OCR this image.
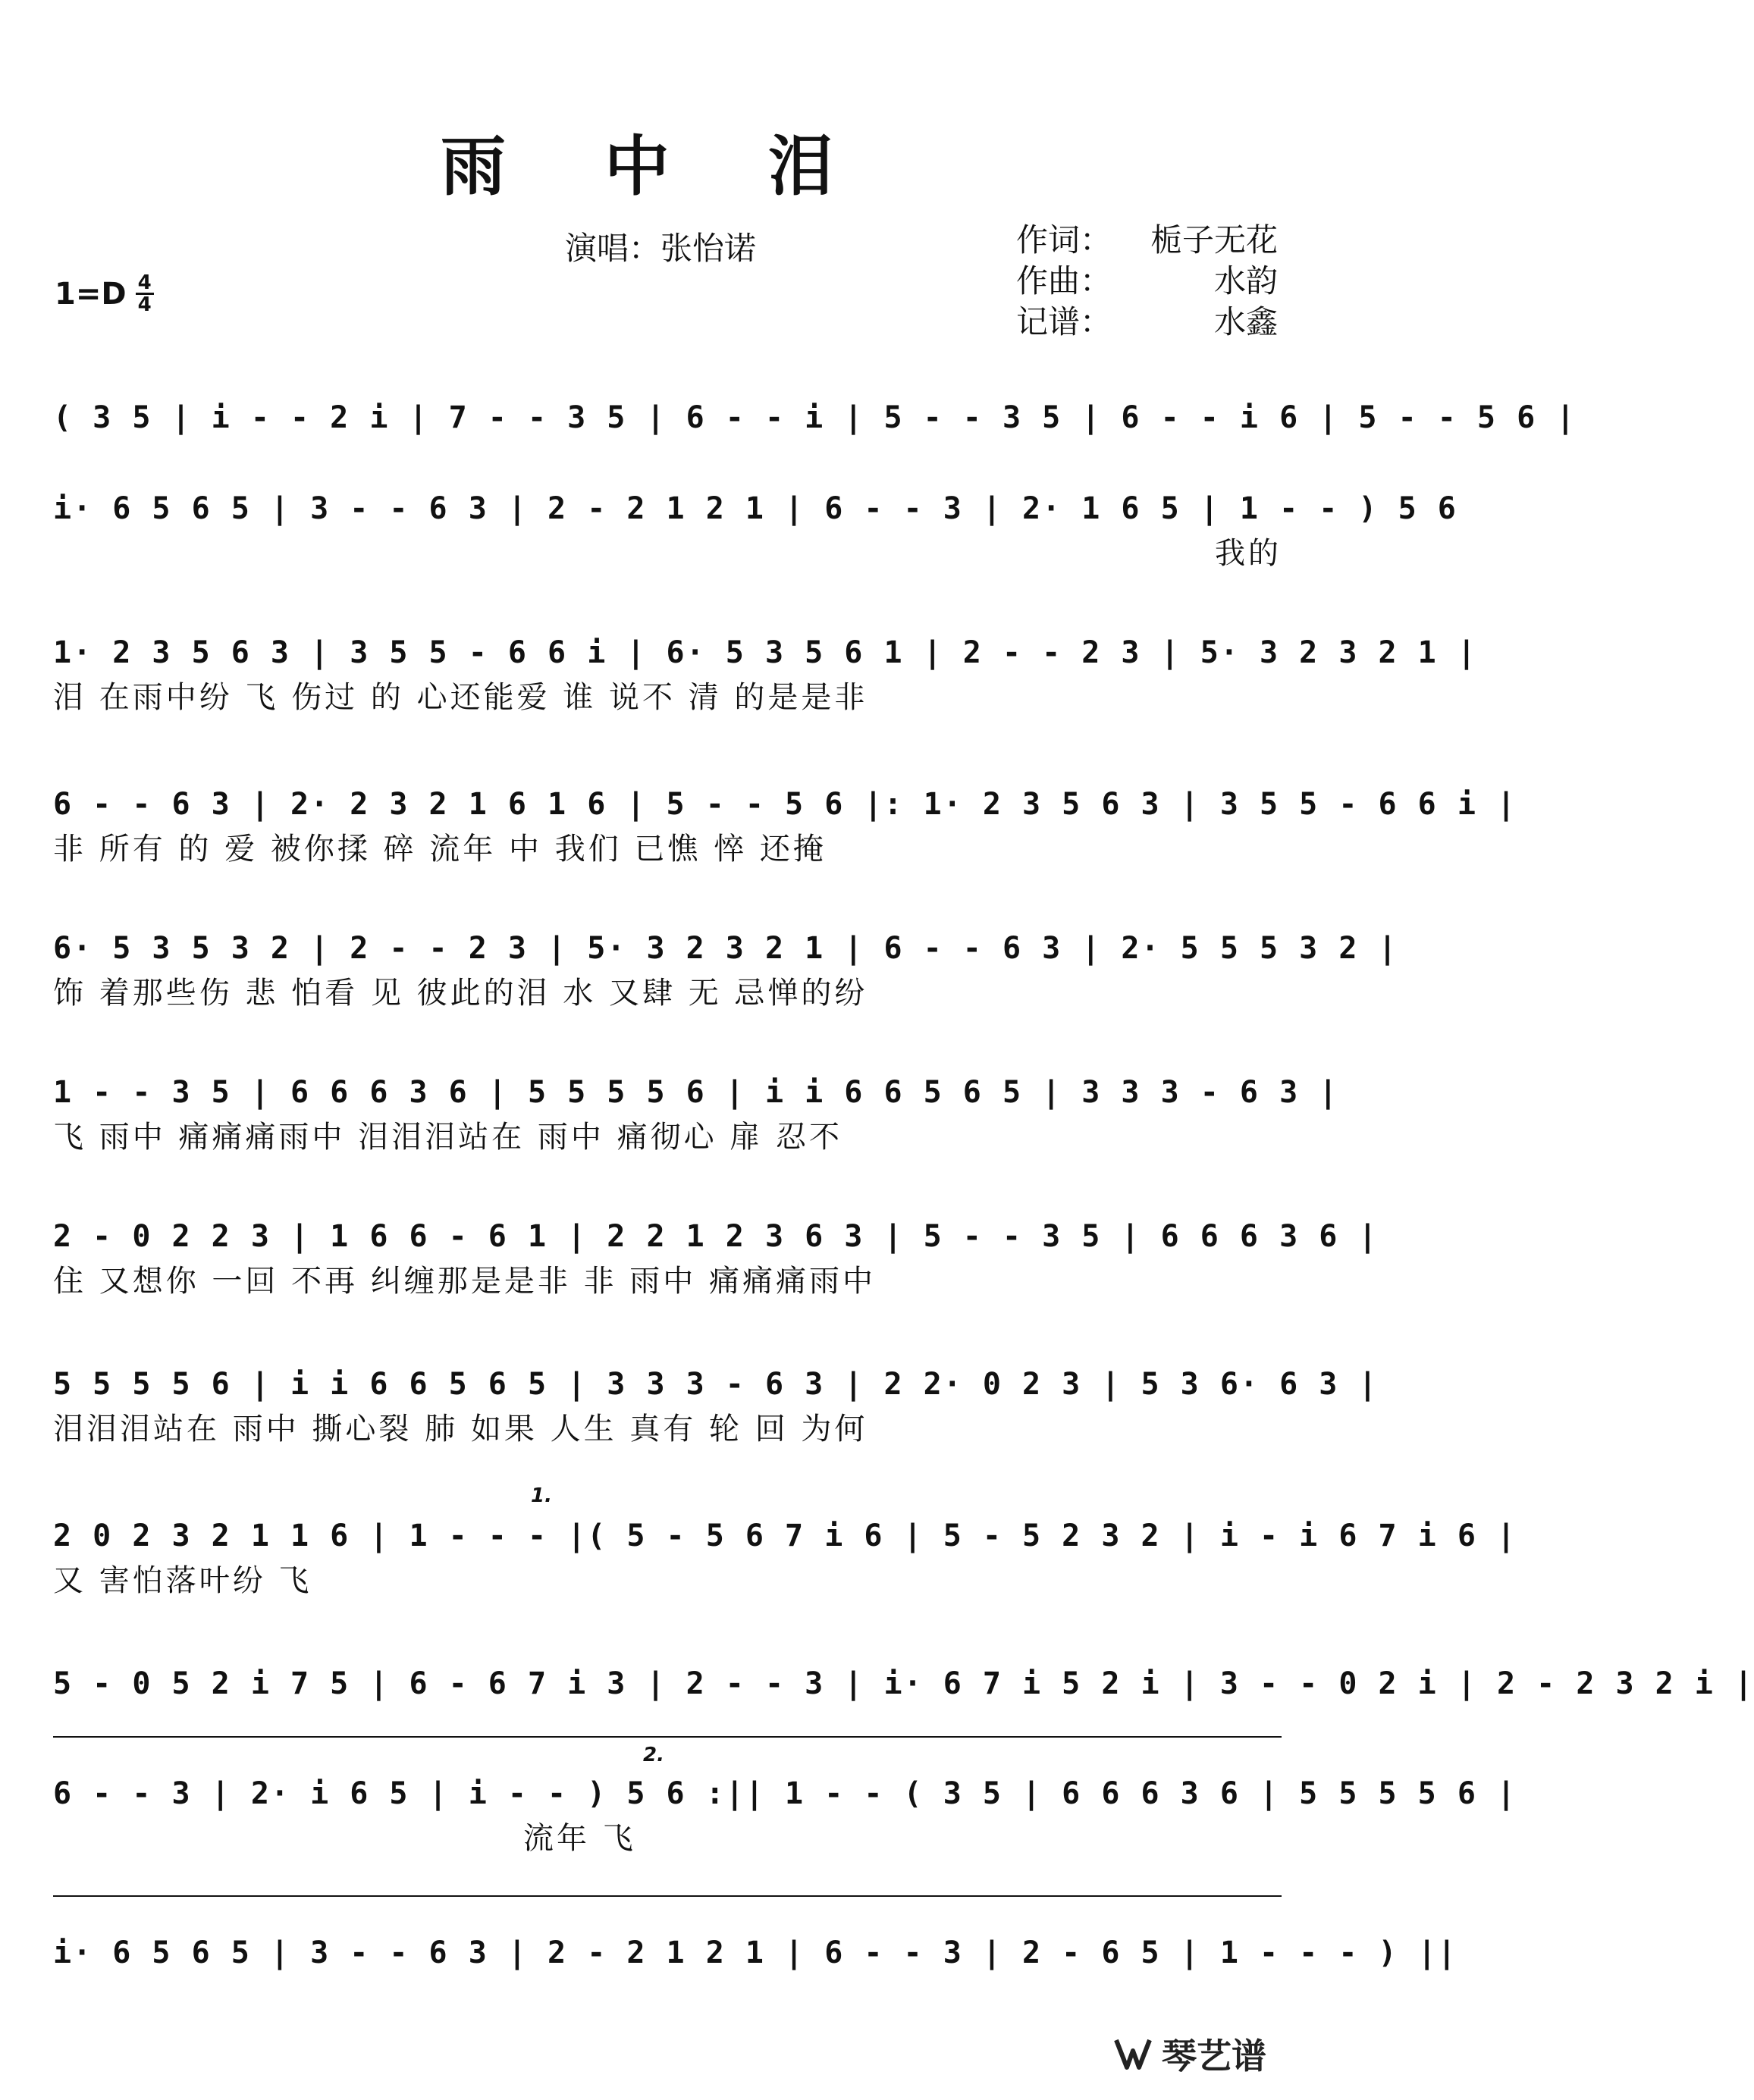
雨 中 泪
演唱：张怡诺	作词： 栀子无花
作曲：	水韵
记谱：	水鑫
$1=D \frac{4}{4}$
( 3 5 | i - - 2 i | 7 - - 3 5 | 6 - - i | 5 - - 3 5 | 6 - - i 6 | 5 - - 5 6 |
i· 6 5 6 5 | 3 - - 6 3 | 2 - 2 1 2 1 | 6 - - 3 | 2· 1 6 5 | 1 - - ) 5 6
我的
1· 2 3 5 6 3 | 3 5 5 - 6 6 i | 6· 5 3 5 6 1 | 2 - - 2 3 | 5· 3 2 3 2 1 |
泪 在雨中纷 飞 伤过 的 心还能爱 谁 说不 清 的是是非
6 - - 6 3 | 2· 2 3 2 1 6 1 6 | 5 - - 5 6 |: 1· 2 3 5 6 3 | 3 5 5 - 6 6 i |
非 所有 的 爱 被你揉 碎 流年 中 我们 已憔 悴 还掩
6· 5 3 5 3 2 | 2 - - 2 3 | 5· 3 2 3 2 1 | 6 - - 6 3 | 2· 5 5 5 3 2 |
饰 着那些伤 悲 怕看 见 彼此的泪 水 又肆 无 忌惮的纷
1 - - 3 5 | 6 6 6 3 6 | 5 5 5 5 6 | i i 6 6 5 6 5 | 3 3 3 - 6 3 |
飞 雨中 痛痛痛雨中 泪泪泪站在 雨中 痛彻心 扉 忍不
2 - 0 2 2 3 | 1 6 6 - 6 1 | 2 2 1 2 3 6 3 | 5 - - 3 5 | 6 6 6 3 6 |
住 又想你 一回 不再 纠缠那是是非 非 雨中 痛痛痛雨中
5 5 5 5 6 | i i 6 6 5 6 5 | 3 3 3 - 6 3 | 2 2· 0 2 3 | 5 3 6· 6 3 |
泪泪泪站在 雨中 撕心裂 肺 如果 人生 真有 轮 回 为何
1.
2 0 2 3 2 1 1 6 | 1 - - - |( 5 - 5 6 7 i 6 | 5 - 5 2 3 2 | i - i 6 7 i 6 |
又 害怕落叶纷 飞
5 - 0 5 2 i 7 5 | 6 - 6 7 i 3 | 2 - - 3 | i· 6 7 i 5 2 i | 3 - - 0 2 i | 2 - 2 3 2 i |
2.
6 - - 3 | 2· i 6 5 | i - - ) 5 6 :|| 1 - - ( 3 5 | 6 6 6 3 6 | 5 5 5 5 6 |
流年 飞
i· 6 5 6 5 | 3 - - 6 3 | 2 - 2 1 2 1 | 6 - - 3 | 2 - 6 5 | 1 - - - ) ||
琴艺谱
